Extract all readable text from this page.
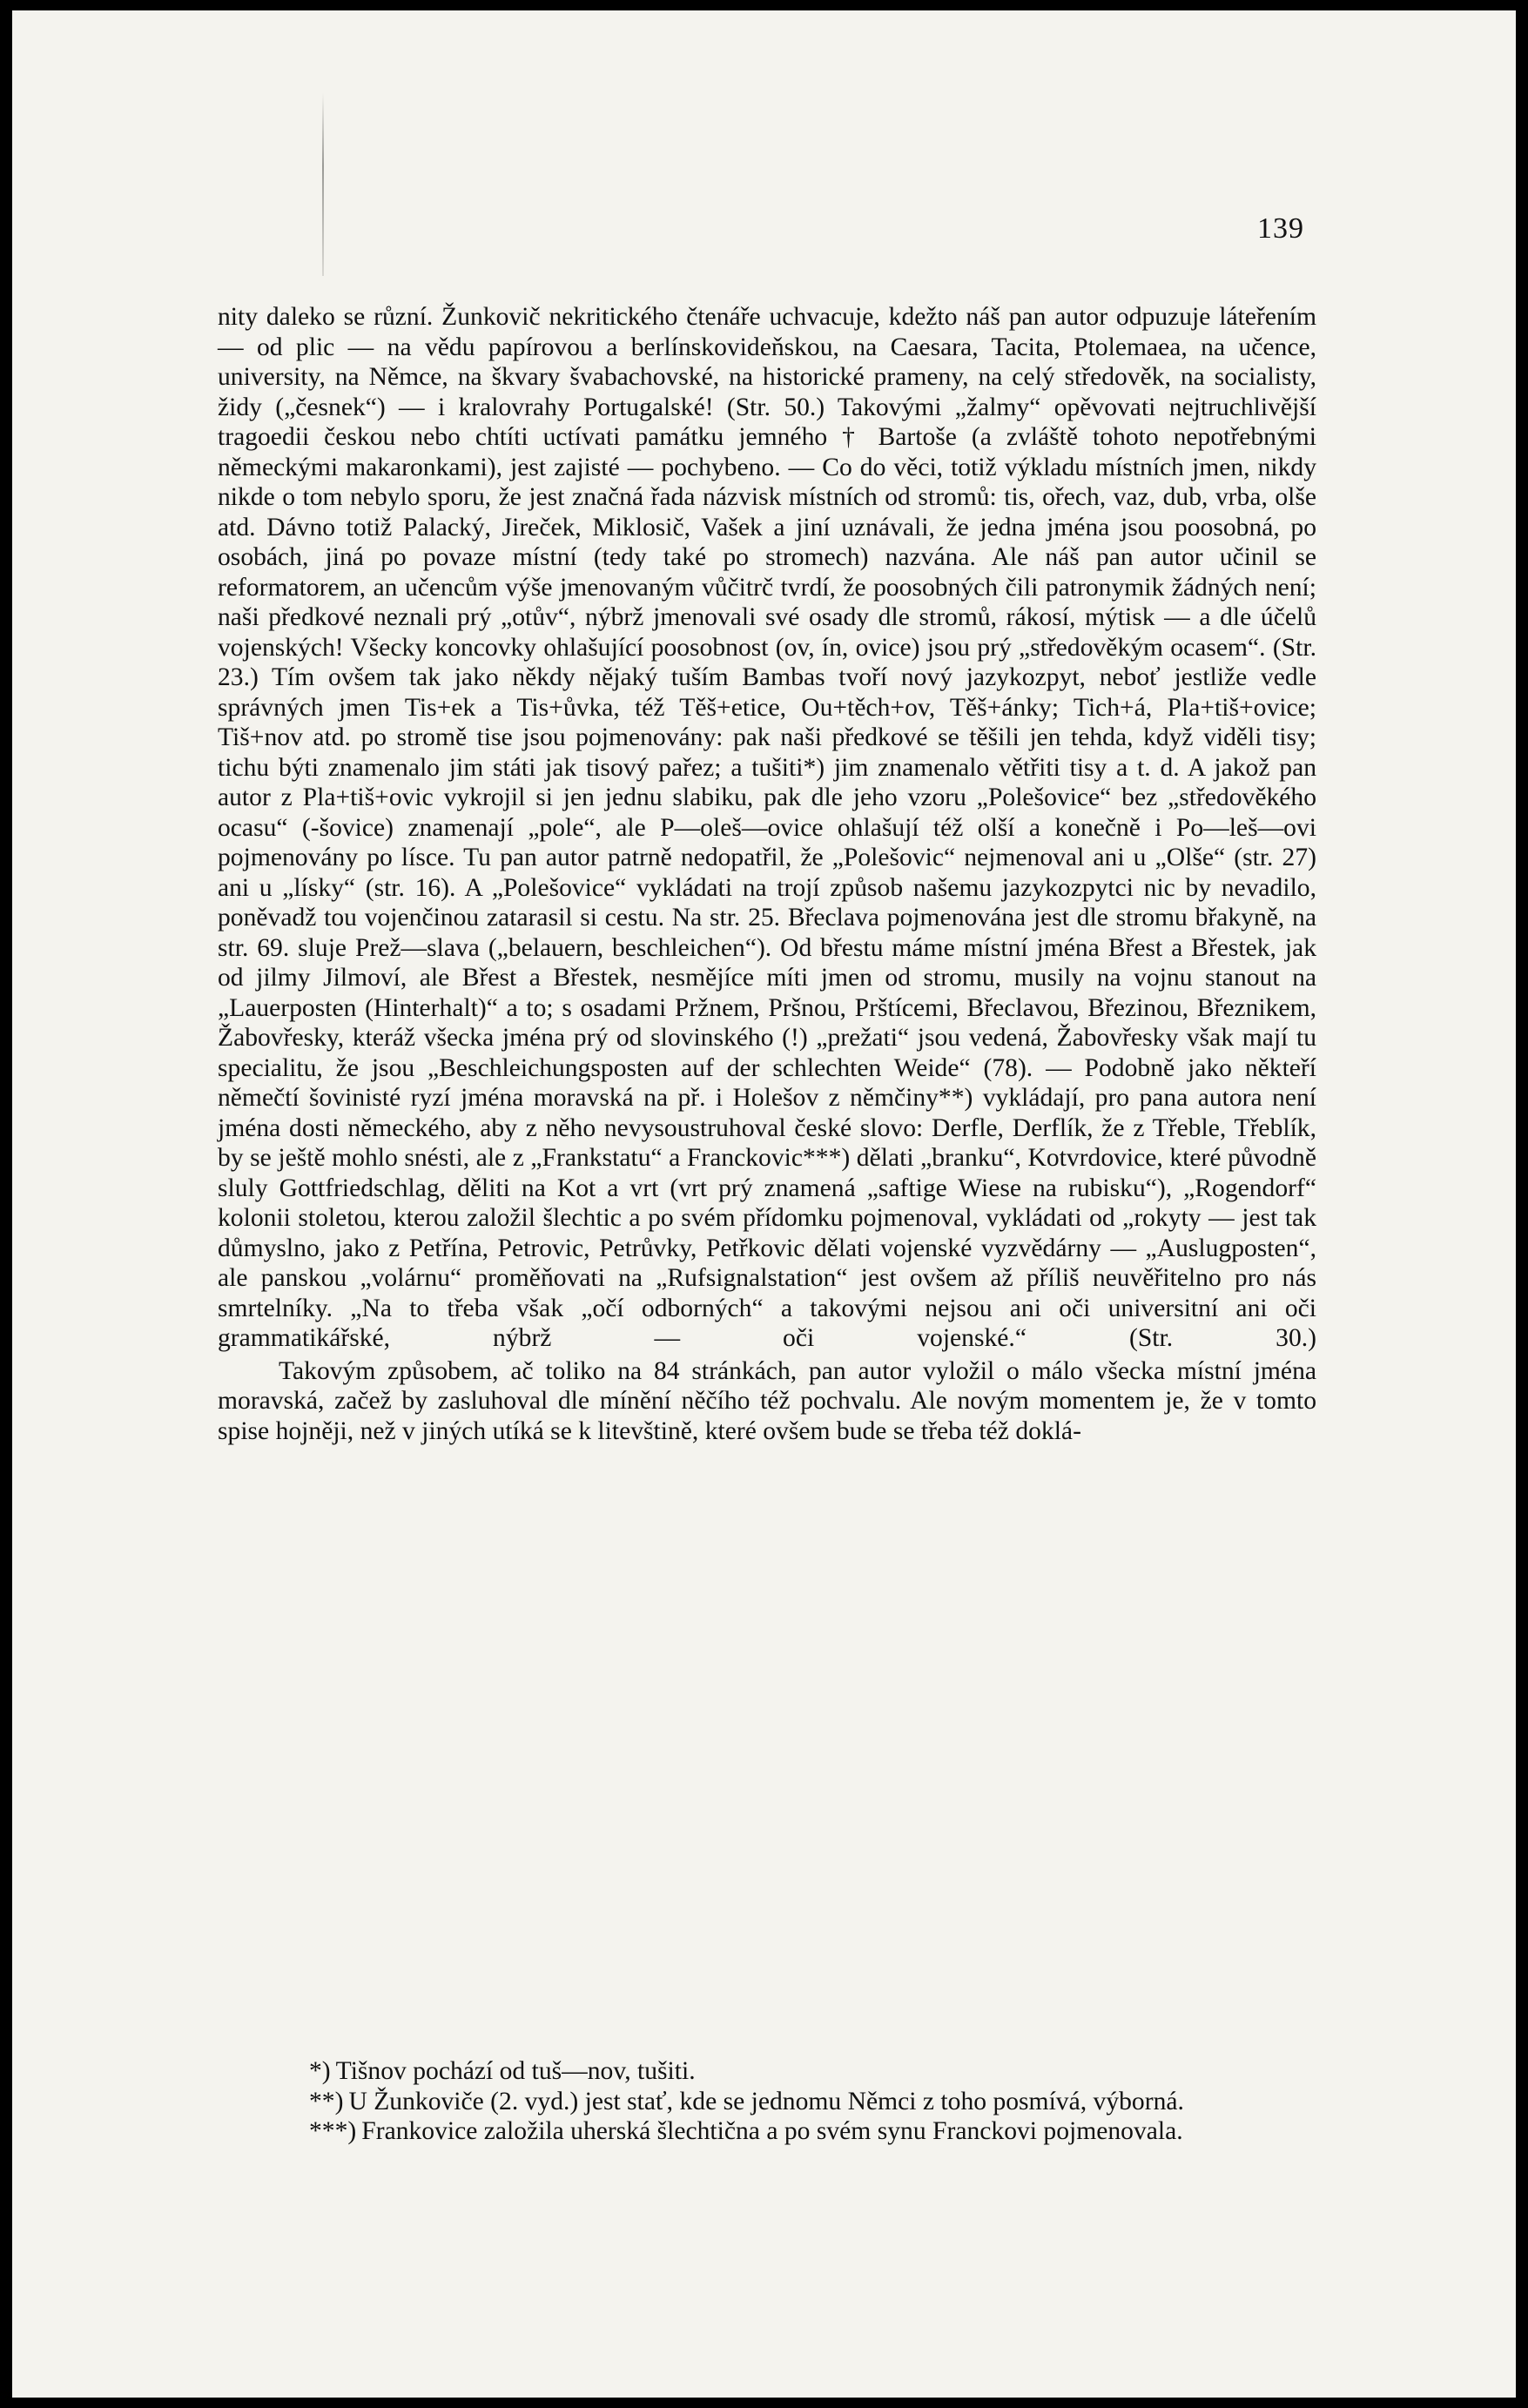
139

nity daleko se různí. Žunkovič nekritického čtenáře uchvacuje, kdežto náš pan autor odpuzuje láteřením — od plic — na vědu papírovou a berlínskovideňskou, na Caesara, Tacita, Ptolemaea, na učence, university, na Němce, na škvary švabachovské, na historické prameny, na celý středověk, na socialisty, židy („česnek“) — i kralovrahy Portugalské! (Str. 50.) Takovými „žalmy“ opěvovati nejtruchlivější tragoedii českou nebo chtíti uctívati památku jemného † Bartoše (a zvláště tohoto nepotřebnými německými makaronkami), jest zajisté — pochybeno. — Co do věci, totiž výkladu místních jmen, nikdy nikde o tom nebylo sporu, že jest značná řada názvisk místních od stromů: tis, ořech, vaz, dub, vrba, olše atd. Dávno totiž Palacký, Jireček, Miklosič, Vašek a jiní uznávali, že jedna jména jsou poosobná, po osobách, jiná po povaze místní (tedy také po stromech) nazvána. Ale náš pan autor učinil se reformatorem, an učencům výše jmenovaným vůčitrč tvrdí, že poosobných čili patronymik žádných není; naši předkové neznali prý „otův“, nýbrž jmenovali své osady dle stromů, rákosí, mýtisk — a dle účelů vojenských! Všecky koncovky ohlašující poosobnost (ov, ín, ovice) jsou prý „středověkým ocasem“. (Str. 23.) Tím ovšem tak jako někdy nějaký tuším Bambas tvoří nový jazykozpyt, neboť jestliže vedle správných jmen Tis+ek a Tis+ůvka, též Těš+etice, Ou+těch+ov, Těš+ánky; Tich+á, Pla+tiš+ovice; Tiš+nov atd. po stromě tise jsou pojmenovány: pak naši předkové se těšili jen tehda, když viděli tisy; tichu býti znamenalo jim státi jak tisový pařez; a tušiti*) jim znamenalo větřiti tisy a t. d. A jakož pan autor z Pla+tiš+ovic vykrojil si jen jednu slabiku, pak dle jeho vzoru „Polešovice“ bez „středověkého ocasu“ (-šovice) znamenají „pole“, ale P—oleš—ovice ohlašují též olší a konečně i Po—leš—ovi pojmenovány po lísce. Tu pan autor patrně nedopatřil, že „Polešovic“ nejmenoval ani u „Olše“ (str. 27) ani u „lísky“ (str. 16). A „Polešovice“ vykládati na trojí způsob našemu jazykozpytci nic by nevadilo, poněvadž tou vojenčinou zatarasil si cestu. Na str. 25. Břeclava pojmenována jest dle stromu břakyně, na str. 69. sluje Prež—slava („belauern, beschleichen“). Od břestu máme místní jména Břest a Břestek, jak od jilmy Jilmoví, ale Břest a Břestek, nesmějíce míti jmen od stromu, musily na vojnu stanout na „Lauerposten (Hinterhalt)“ a to; s osadami Pržnem, Pršnou, Prštícemi, Břeclavou, Březinou, Březnikem, Žabovřesky, kteráž všecka jména prý od slovinského (!) „prežati“ jsou vedená, Žabovřesky však mají tu specialitu, že jsou „Beschleichungsposten auf der schlechten Weide“ (78). — Podobně jako někteří němečtí šovinisté ryzí jména moravská na př. i Holešov z němčiny**) vykládají, pro pana autora není jména dosti německého, aby z něho nevysoustruhoval české slovo: Derfle, Derflík, že z Třeble, Třeblík, by se ještě mohlo snésti, ale z „Frankstatu“ a Franckovic***) dělati „branku“, Kotvrdovice, které původně sluly Gottfriedschlag, děliti na Kot a vrt (vrt prý znamená „saftige Wiese na rubisku“), „Rogendorf“ kolonii stoletou, kterou založil šlechtic a po svém přídomku pojmenoval, vykládati od „rokyty — jest tak důmyslno, jako z Petřína, Petrovic, Petrůvky, Petřkovic dělati vojenské vyzvědárny — „Auslugposten“, ale panskou „volárnu“ proměňovati na „Rufsignalstation“ jest ovšem až příliš neuvěřitelno pro nás smrtelníky. „Na to třeba však „očí odborných“ a takovými nejsou ani oči universitní ani oči grammatikářské, nýbrž — oči vojenské.“ (Str. 30.)

Takovým způsobem, ač toliko na 84 stránkách, pan autor vyložil o málo všecka místní jména moravská, začež by zasluhoval dle mínění něčího též pochvalu. Ale novým momentem je, že v tomto spise hojněji, než v jiných utíká se k litevštině, které ovšem bude se třeba též doklá-

*) Tišnov pochází od tuš—nov, tušiti.

**) U Žunkoviče (2. vyd.) jest stať, kde se jednomu Němci z toho posmívá, výborná.

***) Frankovice založila uherská šlechtična a po svém synu Franckovi pojmenovala.
